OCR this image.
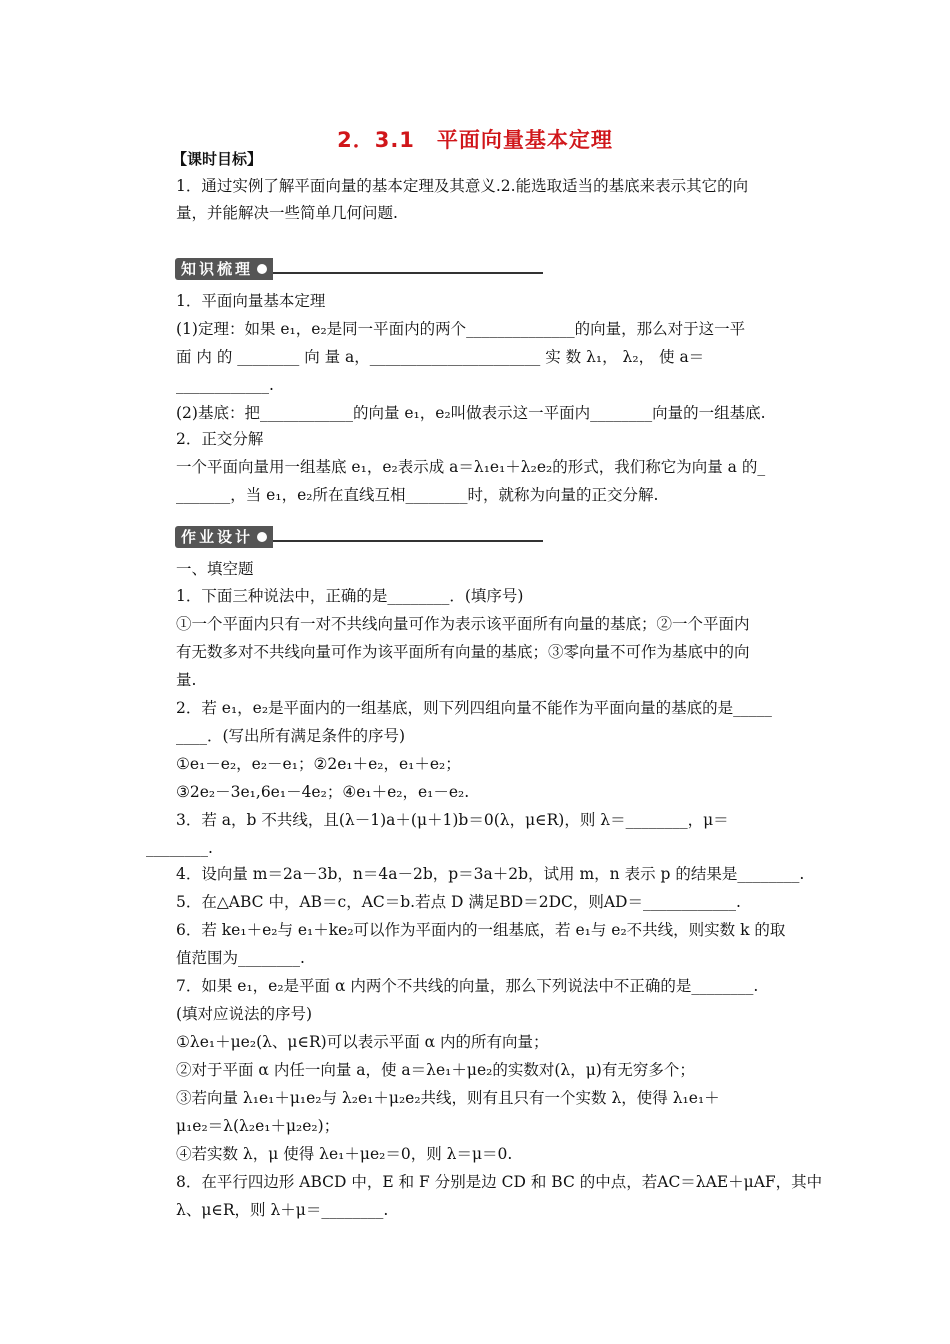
2．3.1　平面向量基本定理
【课时目标】
1．通过实例了解平面向量的基本定理及其意义.2.能选取适当的基底来表示其它的向
量，并能解决一些简单几何问题.
知识梳理
1．平面向量基本定理
(1)定理：如果 e₁，e₂是同一平面内的两个______________的向量，那么对于这一平
面 内 的 ________ 向 量 a，______________________ 实 数 λ₁， λ₂， 使 a＝
____________.
(2)基底：把____________的向量 e₁，e₂叫做表示这一平面内________向量的一组基底.
2．正交分解
一个平面向量用一组基底 e₁，e₂表示成 a＝λ₁e₁＋λ₂e₂的形式，我们称它为向量 a 的_
_______，当 e₁，e₂所在直线互相________时，就称为向量的正交分解.
作业设计
一、填空题
1．下面三种说法中，正确的是________．(填序号)
①一个平面内只有一对不共线向量可作为表示该平面所有向量的基底；②一个平面内
有无数多对不共线向量可作为该平面所有向量的基底；③零向量不可作为基底中的向
量.
2．若 e₁，e₂是平面内的一组基底，则下列四组向量不能作为平面向量的基底的是_____
____．(写出所有满足条件的序号)
①e₁－e₂，e₂－e₁；②2e₁＋e₂，e₁＋e₂；
③2e₂－3e₁,6e₁－4e₂；④e₁＋e₂，e₁－e₂.
3．若 a，b 不共线，且(λ－1)a＋(μ＋1)b＝0(λ，μ∈R)，则 λ＝________，μ＝
________.
4．设向量 m＝2a－3b，n＝4a－2b，p＝3a＋2b，试用 m，n 表示 p 的结果是________.
5．在△ABC 中，AB＝c，AC＝b.若点 D 满足BD＝2DC，则AD＝____________.
6．若 ke₁＋e₂与 e₁＋ke₂可以作为平面内的一组基底，若 e₁与 e₂不共线，则实数 k 的取
值范围为________.
7．如果 e₁，e₂是平面 α 内两个不共线的向量，那么下列说法中不正确的是________.
(填对应说法的序号)
①λe₁＋μe₂(λ、μ∈R)可以表示平面 α 内的所有向量；
②对于平面 α 内任一向量 a，使 a＝λe₁＋μe₂的实数对(λ，μ)有无穷多个；
③若向量 λ₁e₁＋μ₁e₂与 λ₂e₁＋μ₂e₂共线，则有且只有一个实数 λ，使得 λ₁e₁＋
μ₁e₂＝λ(λ₂e₁＋μ₂e₂)；
④若实数 λ，μ 使得 λe₁＋μe₂＝0，则 λ＝μ＝0.
8．在平行四边形 ABCD 中，E 和 F 分别是边 CD 和 BC 的中点，若AC＝λAE＋μAF，其中
λ、μ∈R，则 λ＋μ＝________.
